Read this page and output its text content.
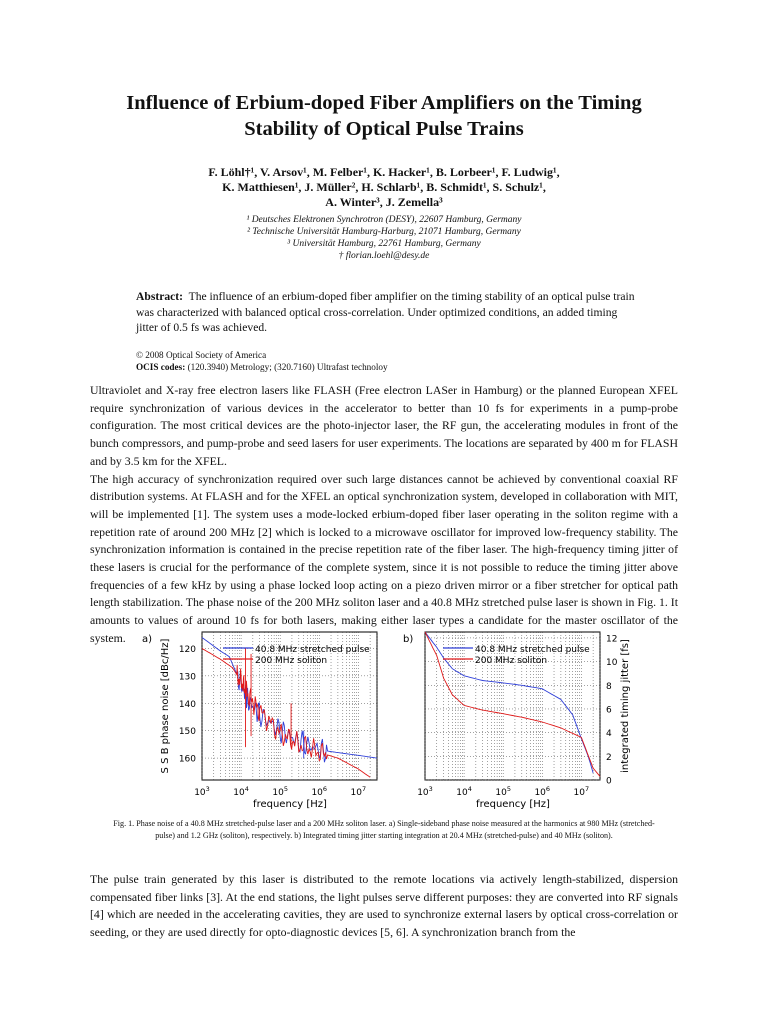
Influence of Erbium-doped Fiber Amplifiers on the Timing
Stability of Optical Pulse Trains
F. Löhl†¹, V. Arsov¹, M. Felber¹, K. Hacker¹, B. Lorbeer¹, F. Ludwig¹,
K. Matthiesen¹, J. Müller², H. Schlarb¹, B. Schmidt¹, S. Schulz¹,
A. Winter³, J. Zemella³
¹ Deutsches Elektronen Synchrotron (DESY), 22607 Hamburg, Germany
² Technische Universität Hamburg-Harburg, 21071 Hamburg, Germany
³ Universität Hamburg, 22761 Hamburg, Germany
† florian.loehl@desy.de
Abstract: The influence of an erbium-doped fiber amplifier on the timing stability of an optical pulse train was characterized with balanced optical cross-correlation. Under optimized conditions, an added timing jitter of 0.5 fs was achieved.
© 2008 Optical Society of America
OCIS codes: (120.3940) Metrology; (320.7160) Ultrafast technoloy

Ultraviolet and X-ray free electron lasers like FLASH (Free electron LASer in Hamburg) or the planned European XFEL require synchronization of various devices in the accelerator to better than 10 fs for experiments in a pump-probe configuration. The most critical devices are the photo-injector laser, the RF gun, the accelerating modules in front of the bunch compressors, and pump-probe and seed lasers for user experiments. The locations are separated by 400 m for FLASH and by 3.5 km for the XFEL.

The high accuracy of synchronization required over such large distances cannot be achieved by conventional coaxial RF distribution systems. At FLASH and for the XFEL an optical synchronization system, developed in collaboration with MIT, will be implemented [1]. The system uses a mode-locked erbium-doped fiber laser operating in the soliton regime with a repetition rate of around 200 MHz [2] which is locked to a microwave oscillator for improved low-frequency stability. The synchronization information is contained in the precise repetition rate of the fiber laser. The high-frequency timing jitter of these lasers is crucial for the performance of the complete system, since it is not possible to reduce the timing jitter above frequencies of a few kHz by using a phase locked loop acting on a piezo driven mirror or a fiber stretcher for optical path length stabilization. The phase noise of the 200 MHz soliton laser and a 40.8 MHz stretched pulse laser is shown in Fig. 1. It amounts to values of around 10 fs for both lasers, making either laser types a candidate for the master oscillator of the system.	a)
120
130
140
150
160
$10^3$	$10^4$	$10^5$	$10^6$	$10^7$
40.8 MHz stretched pulse
200 MHz soliton
S S B phase noise [dBc/Hz]
frequency [Hz]
b)	12
10
8
6
4
2
0
$10^3$	$10^4$	$10^5$	$10^6$	$10^7$
40.8 MHz stretched pulse
200 MHz soliton	integrated timing jitter [fs]
frequency [Hz]
Fig. 1. Phase noise of a 40.8 MHz stretched-pulse laser and a 200 MHz soliton laser. a) Single-sideband phase noise measured at the harmonics at 980 MHz (stretched-pulse) and 1.2 GHz (soliton), respectively. b) Integrated timing jitter starting integration at 20.4 MHz (stretched-pulse) and 40 MHz (soliton).

The pulse train generated by this laser is distributed to the remote locations via actively length-stabilized, dispersion compensated fiber links [3]. At the end stations, the light pulses serve different purposes: they are converted into RF signals [4] which are needed in the accelerating cavities, they are used to synchronize external lasers by optical cross-correlation or seeding, or they are used directly for opto-diagnostic devices [5, 6]. A synchronization branch from the
